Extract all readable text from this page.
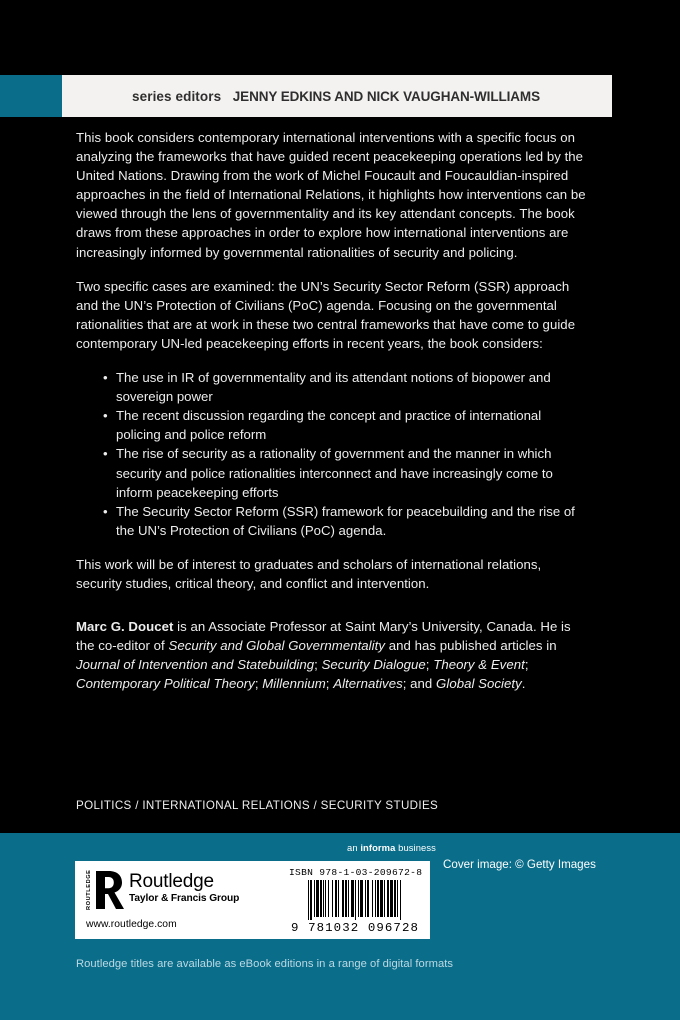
series editors JENNY EDKINS AND NICK VAUGHAN-WILLIAMS

This book considers contemporary international interventions with a specific focus on analyzing the frameworks that have guided recent peacekeeping operations led by the United Nations. Drawing from the work of Michel Foucault and Foucauldian-inspired approaches in the field of International Relations, it highlights how interventions can be viewed through the lens of governmentality and its key attendant concepts. The book draws from these approaches in order to explore how international interventions are increasingly informed by governmental rationalities of security and policing.

Two specific cases are examined: the UN’s Security Sector Reform (SSR) approach and the UN’s Protection of Civilians (PoC) agenda. Focusing on the governmental rationalities that are at work in these two central frameworks that have come to guide contemporary UN-led peacekeeping efforts in recent years, the book considers:

• The use in IR of governmentality and its attendant notions of biopower and sovereign power
• The recent discussion regarding the concept and practice of international policing and police reform
• The rise of security as a rationality of government and the manner in which security and police rationalities interconnect and have increasingly come to inform peacekeeping efforts
• The Security Sector Reform (SSR) framework for peacebuilding and the rise of the UN’s Protection of Civilians (PoC) agenda.

This work will be of interest to graduates and scholars of international relations, security studies, critical theory, and conflict and intervention.

Marc G. Doucet is an Associate Professor at Saint Mary’s University, Canada. He is the co-editor of Security and Global Governmentality and has published articles in Journal of Intervention and Statebuilding; Security Dialogue; Theory & Event; Contemporary Political Theory; Millennium; Alternatives; and Global Society.

POLITICS / INTERNATIONAL RELATIONS / SECURITY STUDIES
an informa business
ROUTLEDGE Routledge
Taylor & Francis Group
www.routledge.com
ISBN 978-1-03-209672-8
9 781032 096728
Cover image: © Getty Images
Routledge titles are available as eBook editions in a range of digital formats
